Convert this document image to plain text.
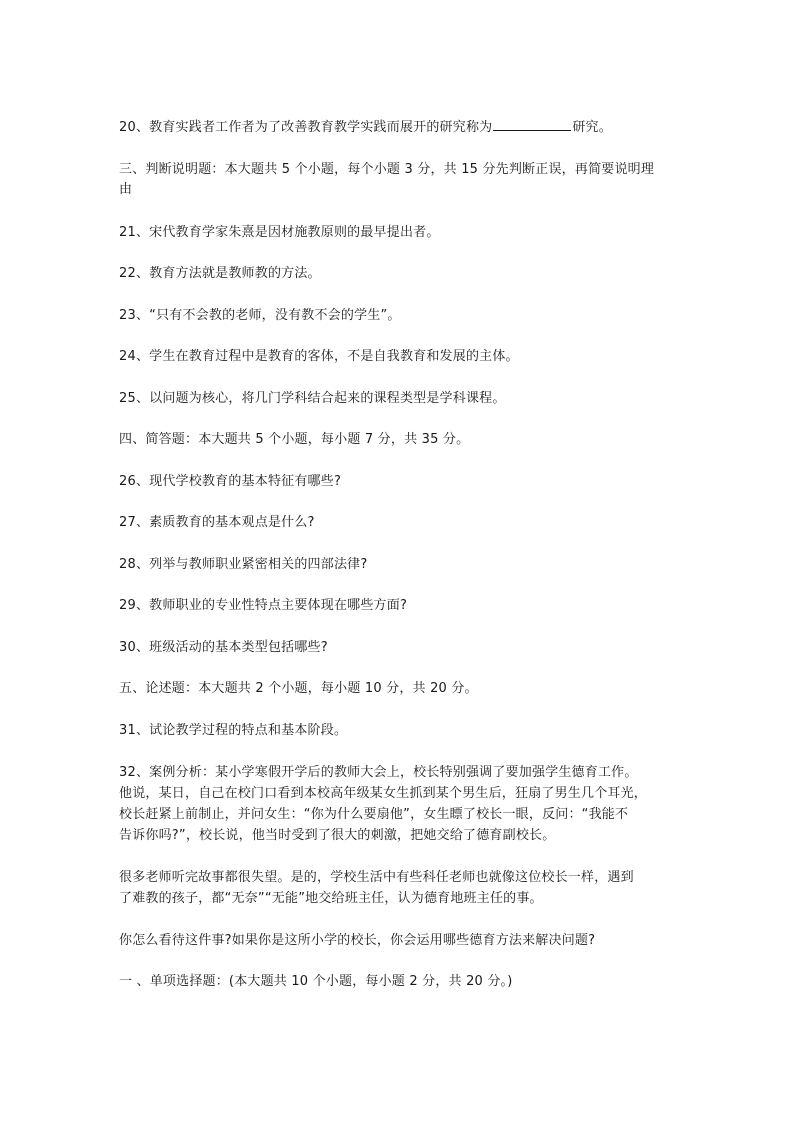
20、教育实践者工作者为了改善教育教学实践而展开的研究称为	研究。
三、判断说明题：本大题共 5 个小题，每个小题 3 分，共 15 分先判断正误，再简要说明理
由
21、宋代教育学家朱熹是因材施教原则的最早提出者。
22、教育方法就是教师教的方法。
23、“只有不会教的老师，没有教不会的学生”。
24、学生在教育过程中是教育的客体，不是自我教育和发展的主体。
25、以问题为核心，将几门学科结合起来的课程类型是学科课程。
四、简答题：本大题共 5 个小题，每小题 7 分，共 35 分。
26、现代学校教育的基本特征有哪些?
27、素质教育的基本观点是什么?
28、列举与教师职业紧密相关的四部法律?
29、教师职业的专业性特点主要体现在哪些方面?
30、班级活动的基本类型包括哪些?
五、论述题：本大题共 2 个小题，每小题 10 分，共 20 分。
31、试论教学过程的特点和基本阶段。
32、案例分析：某小学寒假开学后的教师大会上，校长特别强调了要加强学生德育工作。
他说，某日，自己在校门口看到本校高年级某女生抓到某个男生后，狂扇了男生几个耳光，
校长赶紧上前制止，并问女生：“你为什么要扇他”，女生瞟了校长一眼，反问：“我能不
告诉你吗?”，校长说，他当时受到了很大的刺激，把她交给了德育副校长。
很多老师听完故事都很失望。是的，学校生活中有些科任老师也就像这位校长一样，遇到
了难教的孩子，都“无奈”“无能”地交给班主任，认为德育地班主任的事。
你怎么看待这件事?如果你是这所小学的校长，你会运用哪些德育方法来解决问题?
一 、单项选择题：(本大题共 10 个小题，每小题 2 分，共 20 分。)
